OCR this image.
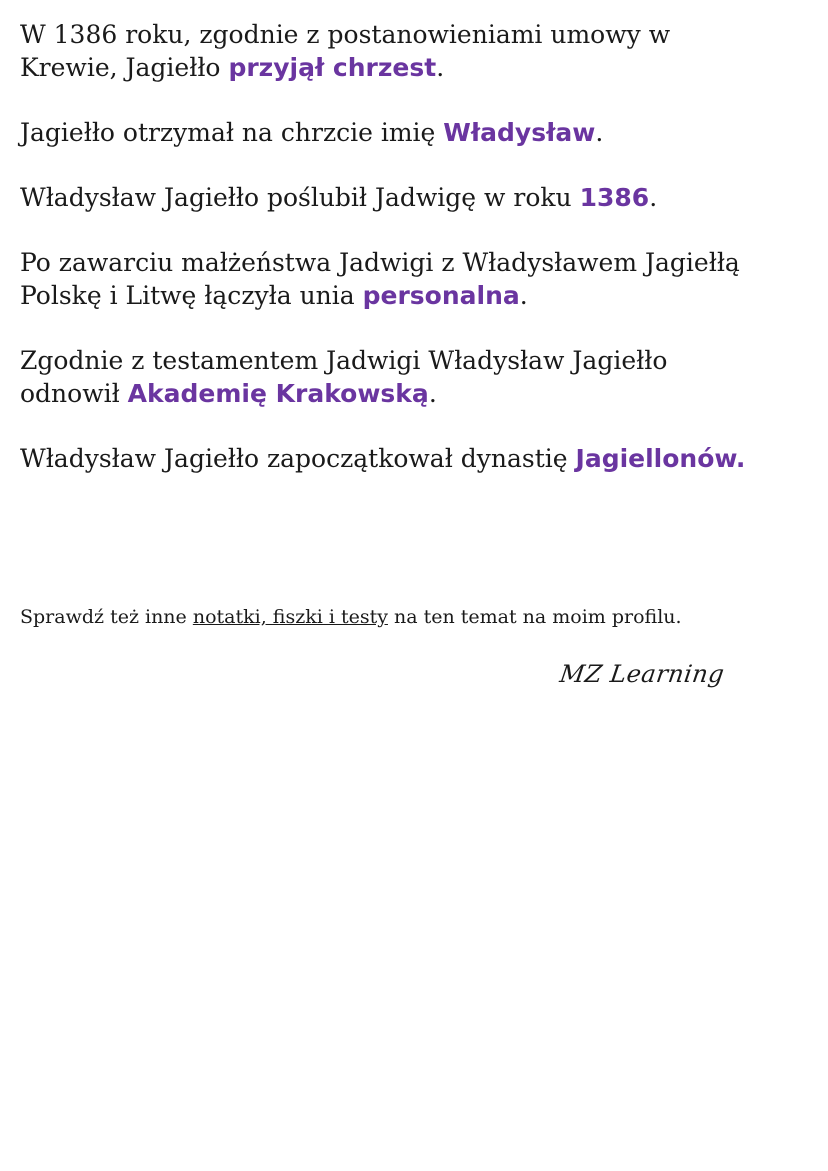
W 1386 roku, zgodnie z postanowieniami umowy w
Krewie, Jagiełło przyjął chrzest.

Jagiełło otrzymał na chrzcie imię Władysław.

Władysław Jagiełło poślubił Jadwigę w roku 1386.

Po zawarciu małżeństwa Jadwigi z Władysławem Jagiełłą
Polskę i Litwę łączyła unia personalna.

Zgodnie z testamentem Jadwigi Władysław Jagiełło
odnowił Akademię Krakowską.

Władysław Jagiełło zapoczątkował dynastię Jagiellonów.

Sprawdź też inne notatki, fiszki i testy na ten temat na moim profilu.
MZ Learning
